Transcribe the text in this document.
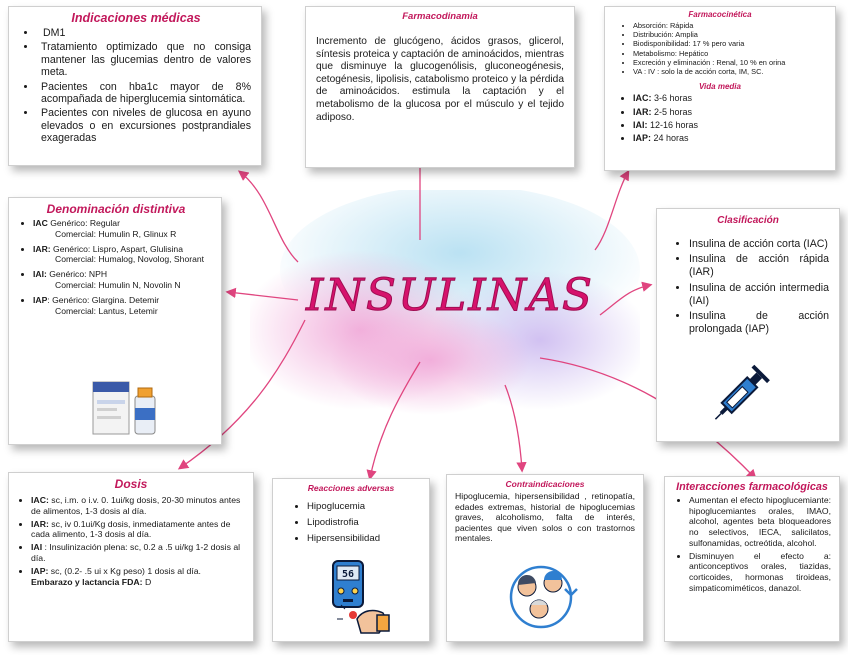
INSULINAS
Indicaciones médicas
• DM1
• Tratamiento optimizado que no consiga mantener las glucemias dentro de valores meta.
• Pacientes con hba1c mayor de 8% acompañada de hiperglucemia sintomática.
• Pacientes con niveles de glucosa en ayuno elevados o en excursiones postprandiales exageradas
Farmacodinamia

Incremento de glucógeno, ácidos grasos, glicerol, síntesis proteica y captación de aminoácidos, mientras que disminuye la glucogenólisis, gluconeogénesis, cetogénesis, lipolisis, catabolismo proteico y la pérdida de aminoácidos. estimula la captación y el metabolismo de la glucosa por el músculo y el tejido adiposo.

Farmacocinética
• Absorción: Rápida
• Distribución: Amplia
• Biodisponibilidad: 17 % pero varia
• Metabolismo: Hepático
• Excreción y eliminación : Renal, 10 % en orina
• VA : IV : solo la de acción corta, IM, SC.
Vida media
• IAC: 3-6 horas
• IAR: 2-5 horas
• IAI: 12-16 horas
• IAP: 24 horas
Denominación distintiva
• IAC Genérico: Regular
Comercial: Humulin R, Glinux R
• IAR: Genérico: Lispro, Aspart, Glulisina
Comercial: Humalog, Novolog, Shorant
• IAI: Genérico: NPH
Comercial: Humulin N, Novolin N
• IAP: Genérico: Glargina. Detemir
Comercial: Lantus, Letemir
Clasificación
• Insulina de acción corta (IAC)
• Insulina de acción rápida (IAR)
• Insulina de acción intermedia (IAI)
• Insulina de acción prolongada (IAP)
Dosis
• IAC: sc, i.m. o i.v. 0. 1ui/kg dosis, 20-30 minutos antes de alimentos, 1-3 dosis al día.
• IAR: sc, iv 0.1ui/Kg dosis, inmediatamente antes de cada alimento, 1-3 dosis al día.
• IAI : Insulinización plena: sc, 0.2 a .5 ui/kg 1-2 dosis al día.
• IAP: sc, (0.2- .5 ui x Kg peso) 1 dosis al día.
Embarazo y lactancia FDA: D
Reacciones adversas
• Hipoglucemia
• Lipodistrofia
• Hipersensibilidad
56
Contraindicaciones

Hipoglucemia, hipersensibilidad , retinopatía, edades extremas, historial de hipoglucemias graves, alcoholismo, falta de interés, pacientes que viven solos o con trastornos mentales.

Interacciones farmacológicas
• Aumentan el efecto hipoglucemiante: hipoglucemiantes orales, IMAO, alcohol, agentes beta bloqueadores no selectivos, IECA, salicilatos, sulfonamidas, octreótida, alcohol.
• Disminuyen el efecto a: anticonceptivos orales, tiazidas, corticoides, hormonas tiroideas, simpaticomiméticos, danazol.
